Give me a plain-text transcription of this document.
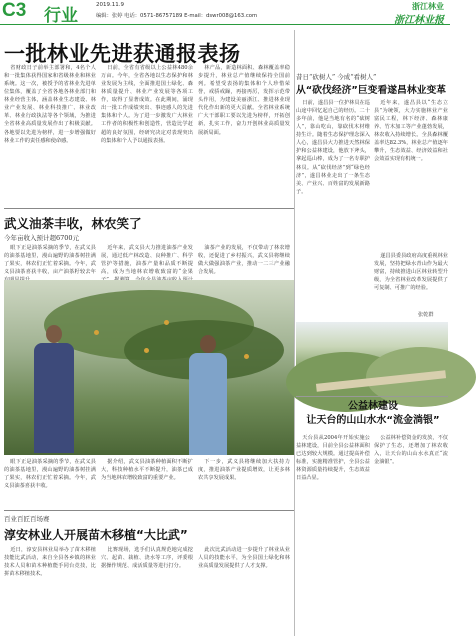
C3 行业
2019.11.9
编辑：张婷 电话：0571-86757189 E-mail：dswr008@163.com
浙江林业
浙江林业报
一批林业先进获通报表扬

省财政日子前举主部署和，4名个人和一批集体获得国家和省级林业和林业系统。这一次，被授予的省林业先进单位集体，覆盖了全省各地各林业部门和林业经营主体，涵盖林业生态建设、林业产业发展、林业科技推广、林业改革、林业行政执法等各个领域，为推进全省林业高质量发展作出了积极贡献。各地要以先进为榜样，进一步增强做好林业工作的责任感和使命感。

日前，全省有省级以上公益林480余万亩。今年，全省各地以生态保护和林业发展为主线，全面推进国土绿化、森林质量提升、林业产业发展等各项工作，取得了显著成效。在此期间，涌现出一批工作成绩突出、事迹感人的先进集体和个人。为了进一步激发广大林业工作者的积极性和创造性，营造比学赶超的良好氛围，经研究决定对表现突出的集体和个人予以通报表扬。

林产品，新造林面积、森林覆盖率稳步提升，林业总产值继续保持全国前列。希望受表扬的集体和个人珍惜荣誉，戒骄戒躁，再接再厉，发挥示范带头作用，为建设美丽浙江、推进林业现代化作出新的更大贡献。全省林业系统广大干部职工要以先进为榜样，开拓创新，扎实工作，奋力开创林业高质量发展新局面。

武义油茶丰收，林农笑了
今年亩收入预计超6700元

眼下正是油茶采摘的季节，在武义县的油茶基地里，漫山遍野的油茶树挂满了果实，林农们正忙着采摘。今年，武义县油茶喜获丰收，亩产油茶籽较去年

近年来，武义县大力推进油茶产业发展，通过低产林改造、良种推广、科学管护等措施，油茶产量和品质不断提高，成为当地林农增收致富的“金果

油茶产业的发展，不仅带动了林农增收，还促进了乡村振兴，武义县将继续做大做强油茶产业，推动一二三产业融合发展。

眼下正是油茶采摘的季节，在武义县的油茶基地里，漫山遍野的油茶树挂满了果实，林农们正忙着采摘。今年，武义县油茶喜获丰收。

据介绍，武义县油茶种植面积不断扩大，科技种植水平不断提升，油茶已成为当地林农增收致富的重要产业。

下一步，武义县将继续加大扶持力度，推进油茶产业提质增效，让更多林农共享发展成果。

百业百匠百场赛
淳安林业人开展苗木移植“大比武”

近日，淳安县林业局举办了苗木移植技能比武活动，来自全县各乡镇的林业技术人员和苗木种植能手同台竞技，比拼苗木移植技术。

比赛现场，选手们认真规范地完成挖穴、起苗、栽植、浇水等工序，评委根据操作规范、成活质量等进行打分。

此次比武活动进一步提升了林业从业人员的技能水平，为全县国土绿化和林业高质量发展提供了人才支撑。

昔日“砍树人” 今成“看树人”
从“砍伐经济”巨变看遂昌林业变革

日前，遂昌县一位护林员在巡山途中回忆起自己的经历。二十多年前，他是当地有名的“砍树人”，靠山吃山，靠砍伐木材维持生计。随着生态保护理念深入人心，遂昌县大力推进天然林保护和公益林建设，他放下斧头，拿起巡山棒，成为了一名专职护林员。从“砍伐经济”到“绿色经济”，遂昌林业走出了一条生态美、产业兴、百姓富的发展新路子。

近年来，遂昌县以“生态立县”为统领，大力实施林业产业富民工程，林下经济、森林康养、竹木加工等产业蓬勃发展，林农收入持续增长。全县森林覆盖率达82.3%，林业总产值逐年攀升，生态效益、经济效益和社会效益实现有机统一。

遂昌县委县政府高度重视林业发展，坚持把绿水青山作为最大财富，持续推进山区林业转型升级，为全省林业改革发展提供了可复制、可推广的经验。

张乾群
公益林建设
让天台的山山水水“流金淌银”

天台县从2004年开始实施公益林建设，目前全县公益林面积已达到较大规模。通过提高补偿标准，实施精准管护，全县公益林资源质量持续提升，生态效益日益凸显。

公益林补偿资金的发放，不仅保护了生态，还增加了林农收入，让天台的山山水水真正“流金淌银”。
